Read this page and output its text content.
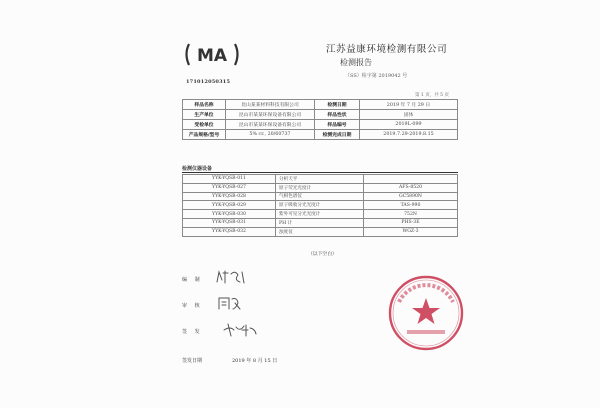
MA
171012050315
江苏益康环境检测有限公司
检测报告
（SS）检字第 2019042 号
第 1 页，共 5 页
样品名称	昆山某某材料科技有限公司	检测日期	2019 年 7 月 29 日
生产单位	昆山市某某环保设备有限公司	样品性状	固体
受检单位	昆山市某某环保设备有限公司	样品编号	2019L-099
产品规格/型号	5% cr., 20/60737	检测完成日期	2019.7.29-2019.8.15
检测仪器设备
YYK-YQSB-011	分析天平	
YYK-YQSB-027	原子荧光光度计	AFS-8520
YYK-YQSB-028	气相色谱仪	GC5890N
YYK-YQSB-029	原子吸收分光光度计	TAS-990
YYK-YQSB-030	紫外可见分光光度计	752N
YYK-YQSB-031	PH 计	PHS-3E
YYK-YQSB-032	浊度仪	WGZ-3
（以下空白）
编 制
审 核
签 发
签发日期	2019 年 8 月 15 日
